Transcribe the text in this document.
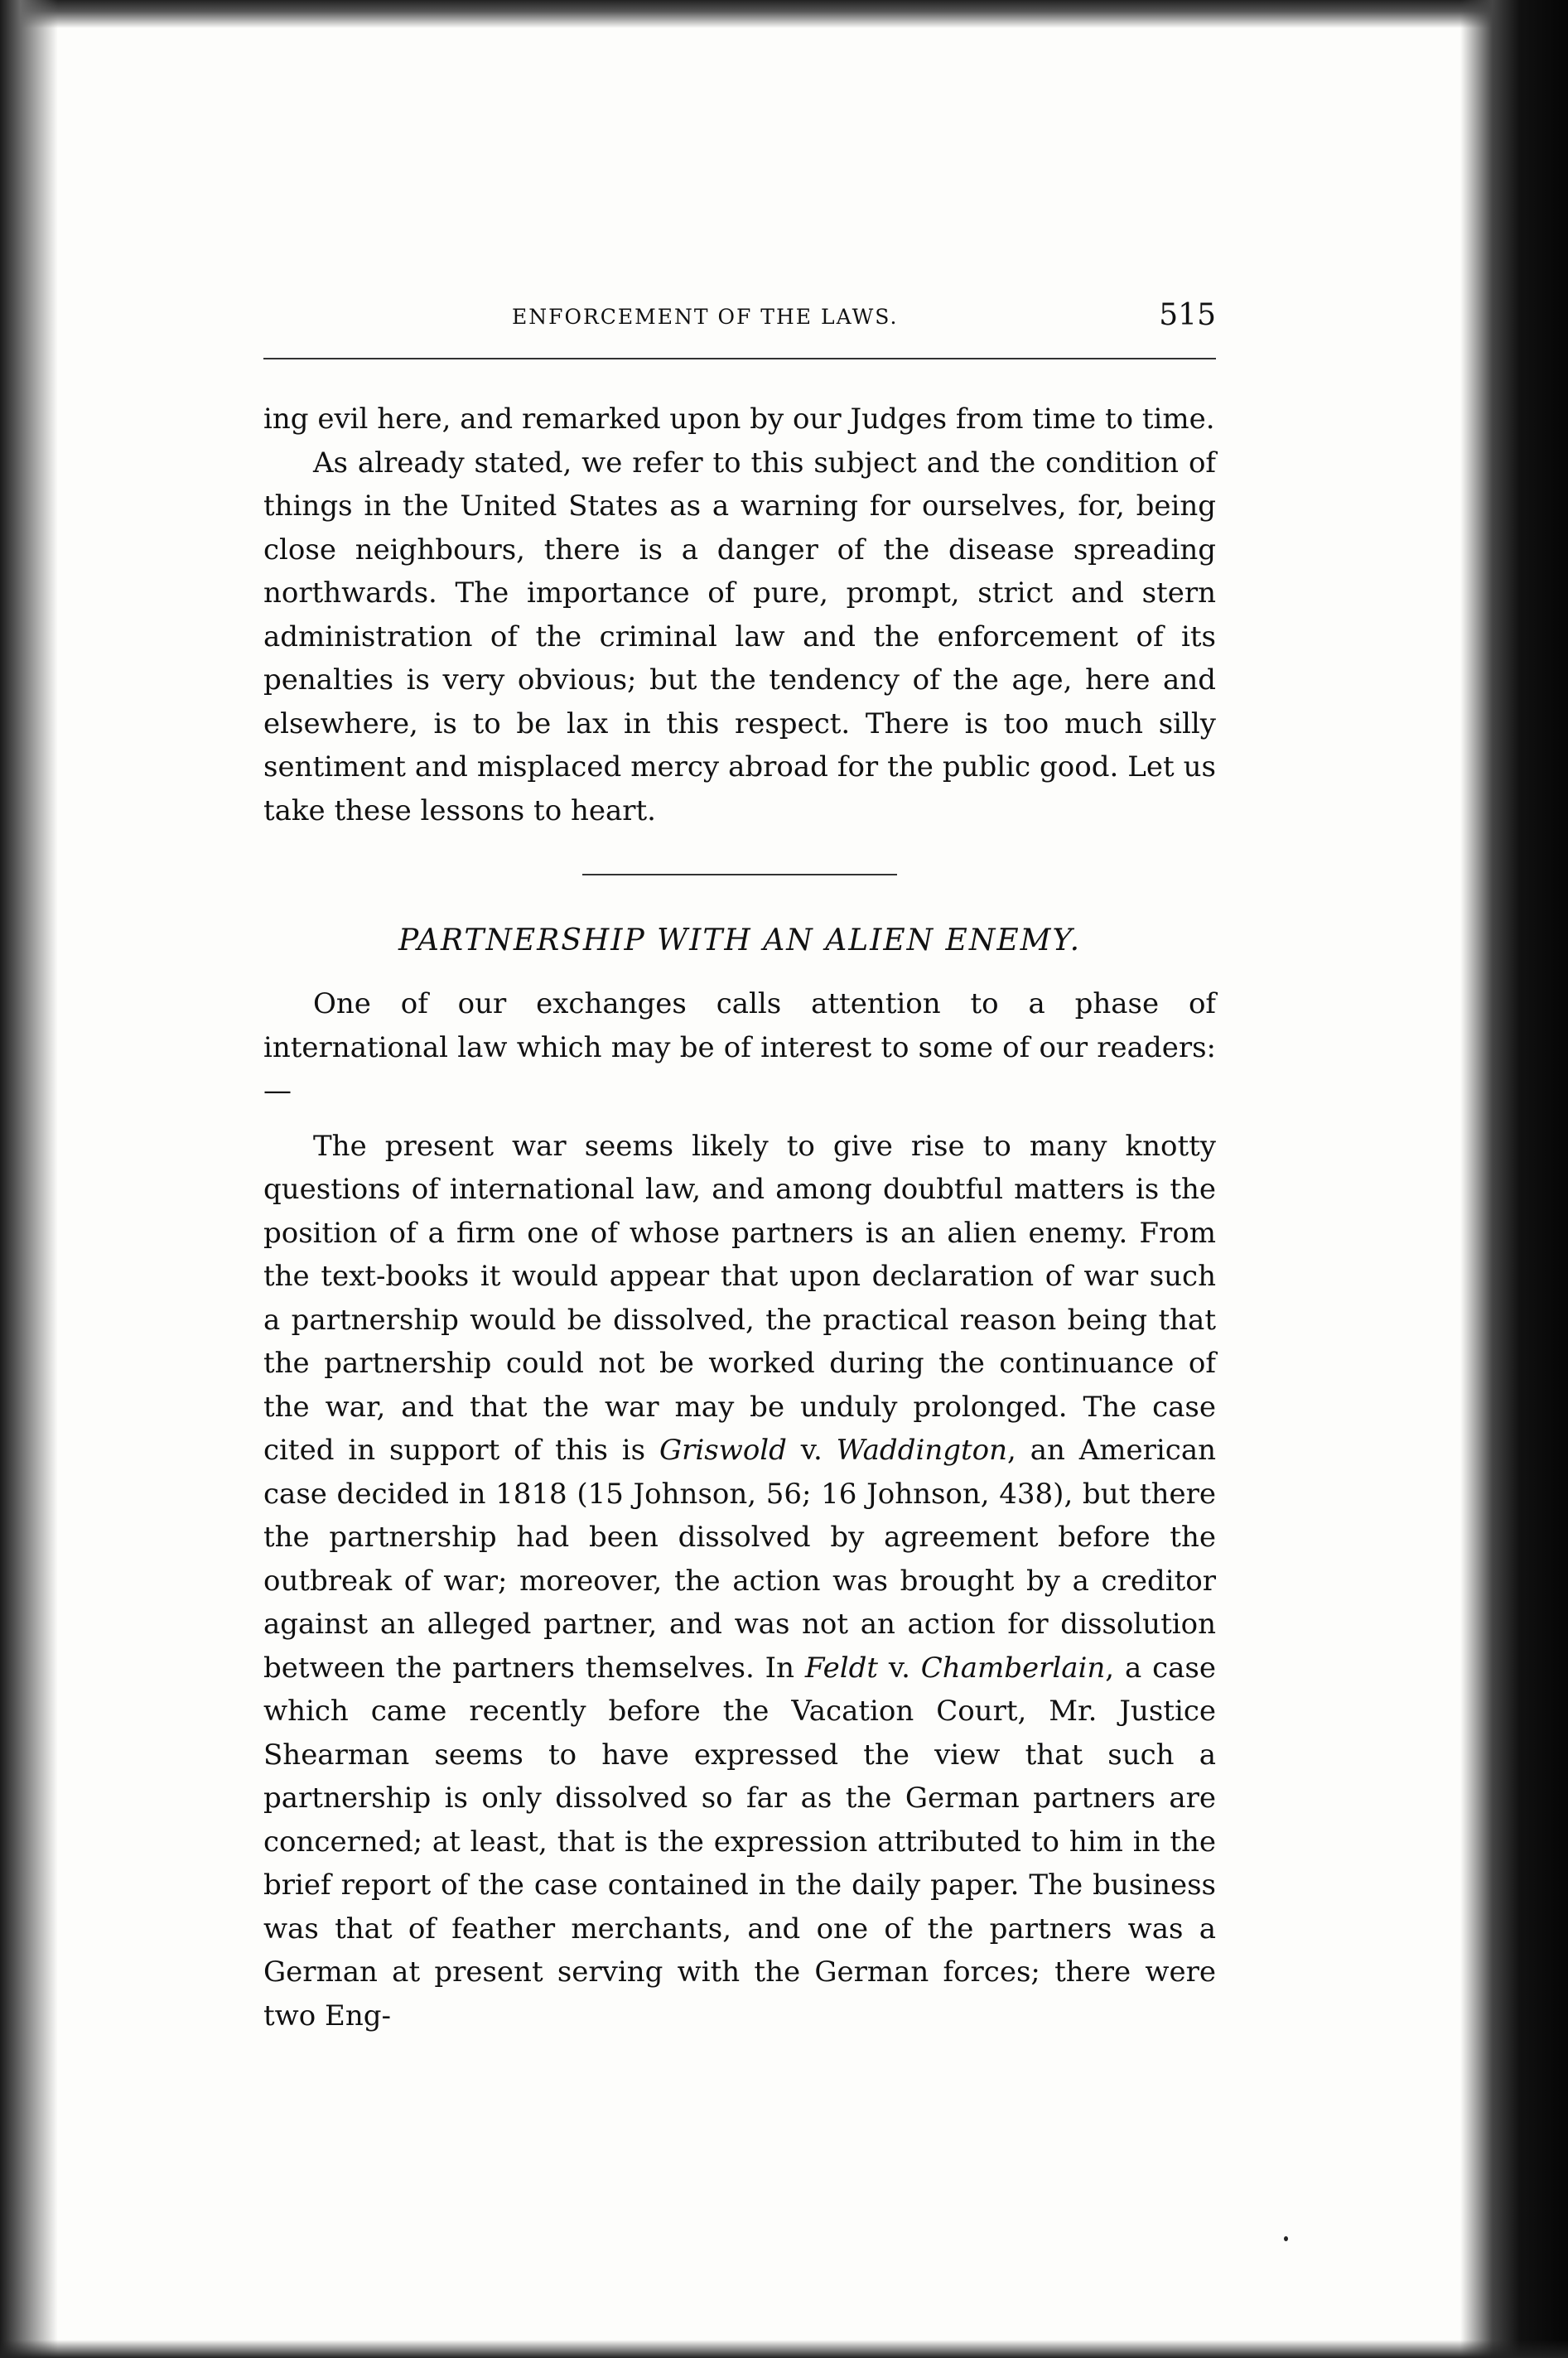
ENFORCEMENT OF THE LAWS.	515

ing evil here, and remarked upon by our Judges from time to time.

As already stated, we refer to this subject and the condition of things in the United States as a warning for ourselves, for, being close neighbours, there is a danger of the disease spreading northwards. The importance of pure, prompt, strict and stern administration of the criminal law and the enforcement of its penalties is very obvious; but the tendency of the age, here and elsewhere, is to be lax in this respect. There is too much silly sentiment and misplaced mercy abroad for the public good. Let us take these lessons to heart.

PARTNERSHIP WITH AN ALIEN ENEMY.

One of our exchanges calls attention to a phase of international law which may be of interest to some of our readers:—

The present war seems likely to give rise to many knotty questions of international law, and among doubtful matters is the position of a firm one of whose partners is an alien enemy. From the text-books it would appear that upon declaration of war such a partnership would be dissolved, the practical reason being that the partnership could not be worked during the continuance of the war, and that the war may be unduly prolonged. The case cited in support of this is Griswold v. Waddington, an American case decided in 1818 (15 Johnson, 56; 16 Johnson, 438), but there the partnership had been dissolved by agreement before the outbreak of war; moreover, the action was brought by a creditor against an alleged partner, and was not an action for dissolution between the partners themselves. In Feldt v. Chamberlain, a case which came recently before the Vacation Court, Mr. Justice Shearman seems to have expressed the view that such a partnership is only dissolved so far as the German partners are concerned; at least, that is the expression attributed to him in the brief report of the case contained in the daily paper. The business was that of feather merchants, and one of the partners was a German at present serving with the German forces; there were two Eng-
